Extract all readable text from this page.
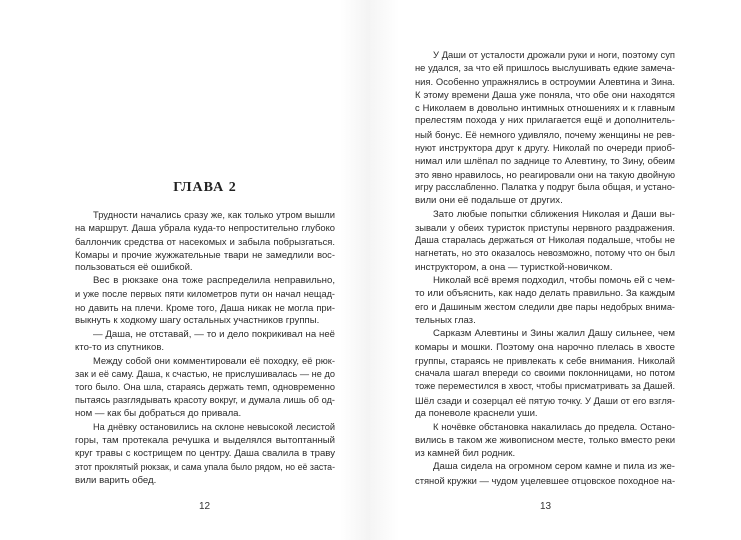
ГЛАВА 2
Трудности начались сразу же, как только утром вышли
на маршрут. Даша убрала куда-то непростительно глубоко
баллончик средства от насекомых и забыла побрызгаться.
Комары и прочие жужжательные твари не замедлили вос-
пользоваться её ошибкой.
Вес в рюкзаке она тоже распределила неправильно,
и уже после первых пяти километров пути он начал нещад-
но давить на плечи. Кроме того, Даша никак не могла при-
выкнуть к ходкому шагу остальных участников группы.
— Даша, не отставай, — то и дело покрикивал на неё
кто-то из спутников.
Между собой они комментировали её походку, её рюк-
зак и её саму. Даша, к счастью, не прислушивалась — не до
того было. Она шла, стараясь держать темп, одновременно
пытаясь разглядывать красоту вокруг, и думала лишь об од-
ном — как бы добраться до привала.
На днёвку остановились на склоне невысокой лесистой
горы, там протекала речушка и выделялся вытоптанный
круг травы с кострищем по центру. Даша свалила в траву
этот проклятый рюкзак, и сама упала было рядом, но её заста-
вили варить обед.
12
У Даши от усталости дрожали руки и ноги, поэтому суп
не удался, за что ей пришлось выслушивать едкие замеча-
ния. Особенно упражнялись в остроумии Алевтина и Зина.
К этому времени Даша уже поняла, что обе они находятся
с Николаем в довольно интимных отношениях и к главным
прелестям похода у них прилагается ещё и дополнитель-
ный бонус. Её немного удивляло, почему женщины не рев-
нуют инструктора друг к другу. Николай по очереди приоб-
нимал или шлёпал по заднице то Алевтину, то Зину, обеим
это явно нравилось, но реагировали они на такую двойную
игру расслабленно. Палатка у подруг была общая, и устано-
вили они её подальше от других.
Зато любые попытки сближения Николая и Даши вы-
зывали у обеих туристок приступы нервного раздражения.
Даша старалась держаться от Николая подальше, чтобы не
нагнетать, но это оказалось невозможно, потому что он был
инструктором, а она — туристкой-новичком.
Николай всё время подходил, чтобы помочь ей с чем-
то или объяснить, как надо делать правильно. За каждым
его и Дашиным жестом следили две пары недобрых внима-
тельных глаз.
Сарказм Алевтины и Зины жалил Дашу сильнее, чем
комары и мошки. Поэтому она нарочно плелась в хвосте
группы, стараясь не привлекать к себе внимания. Николай
сначала шагал впереди со своими поклонницами, но потом
тоже переместился в хвост, чтобы присматривать за Дашей.
Шёл сзади и созерцал её пятую точку. У Даши от его взгля-
да поневоле краснели уши.
К ночёвке обстановка накалилась до предела. Остано-
вились в таком же живописном месте, только вместо реки
из камней бил родник.
Даша сидела на огромном сером камне и пила из же-
стяной кружки — чудом уцелевшее отцовское походное на-
13
